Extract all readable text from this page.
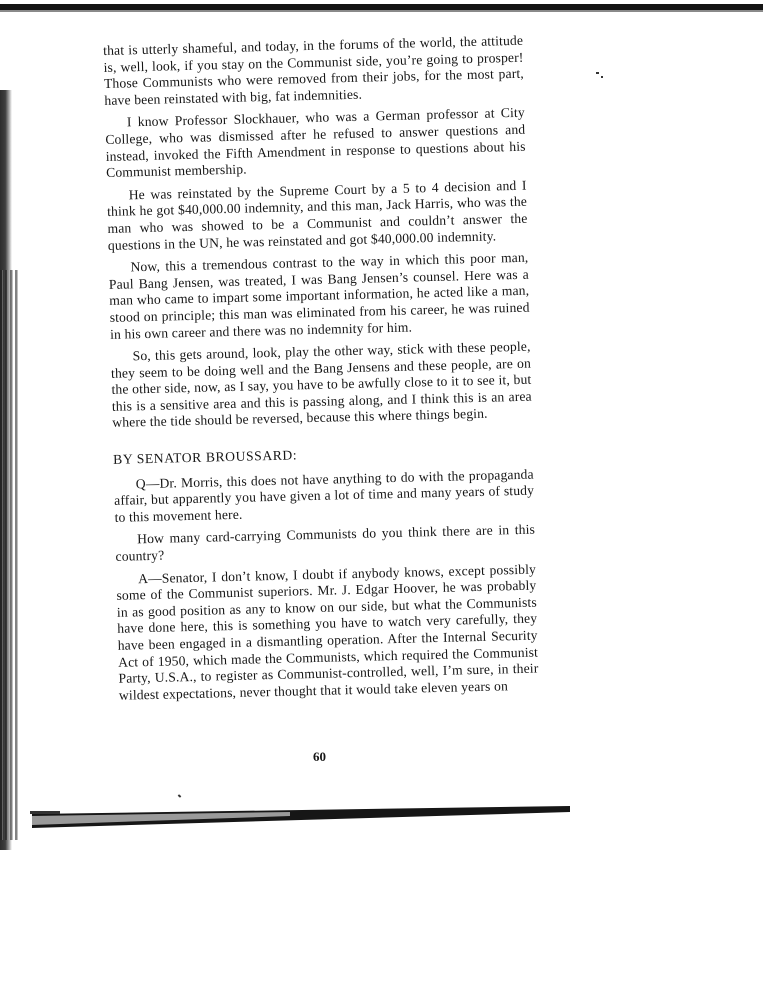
that is utterly shameful, and today, in the forums of the world, the attitude is, well, look, if you stay on the Communist side, you’re going to prosper! Those Communists who were removed from their jobs, for the most part, have been reinstated with big, fat indemnities.

I know Professor Slockhauer, who was a German professor at City College, who was dismissed after he refused to answer questions and instead, invoked the Fifth Amendment in response to questions about his Communist membership.

He was reinstated by the Supreme Court by a 5 to 4 decision and I think he got $40,000.00 indemnity, and this man, Jack Harris, who was the man who was showed to be a Communist and couldn’t answer the questions in the UN, he was reinstated and got $40,000.00 indemnity.

Now, this a tremendous contrast to the way in which this poor man, Paul Bang Jensen, was treated, I was Bang Jensen’s counsel. Here was a man who came to impart some important information, he acted like a man, stood on principle; this man was eliminated from his career, he was ruined in his own career and there was no indemnity for him.

So, this gets around, look, play the other way, stick with these people, they seem to be doing well and the Bang Jensens and these people, are on the other side, now, as I say, you have to be awfully close to it to see it, but this is a sensitive area and this is passing along, and I think this is an area where the tide should be reversed, because this where things begin.

BY SENATOR BROUSSARD:

Q—Dr. Morris, this does not have anything to do with the propaganda affair, but apparently you have given a lot of time and many years of study to this movement here.

How many card-carrying Communists do you think there are in this country?

A—Senator, I don’t know, I doubt if anybody knows, except possibly some of the Communist superiors. Mr. J. Edgar Hoover, he was probably in as good position as any to know on our side, but what the Communists have done here, this is something you have to watch very carefully, they have been engaged in a dismantling operation. After the Internal Security Act of 1950, which made the Communists, which required the Communist Party, U.S.A., to register as Communist-controlled, well, I’m sure, in their wildest expectations, never thought that it would take eleven years on

60
